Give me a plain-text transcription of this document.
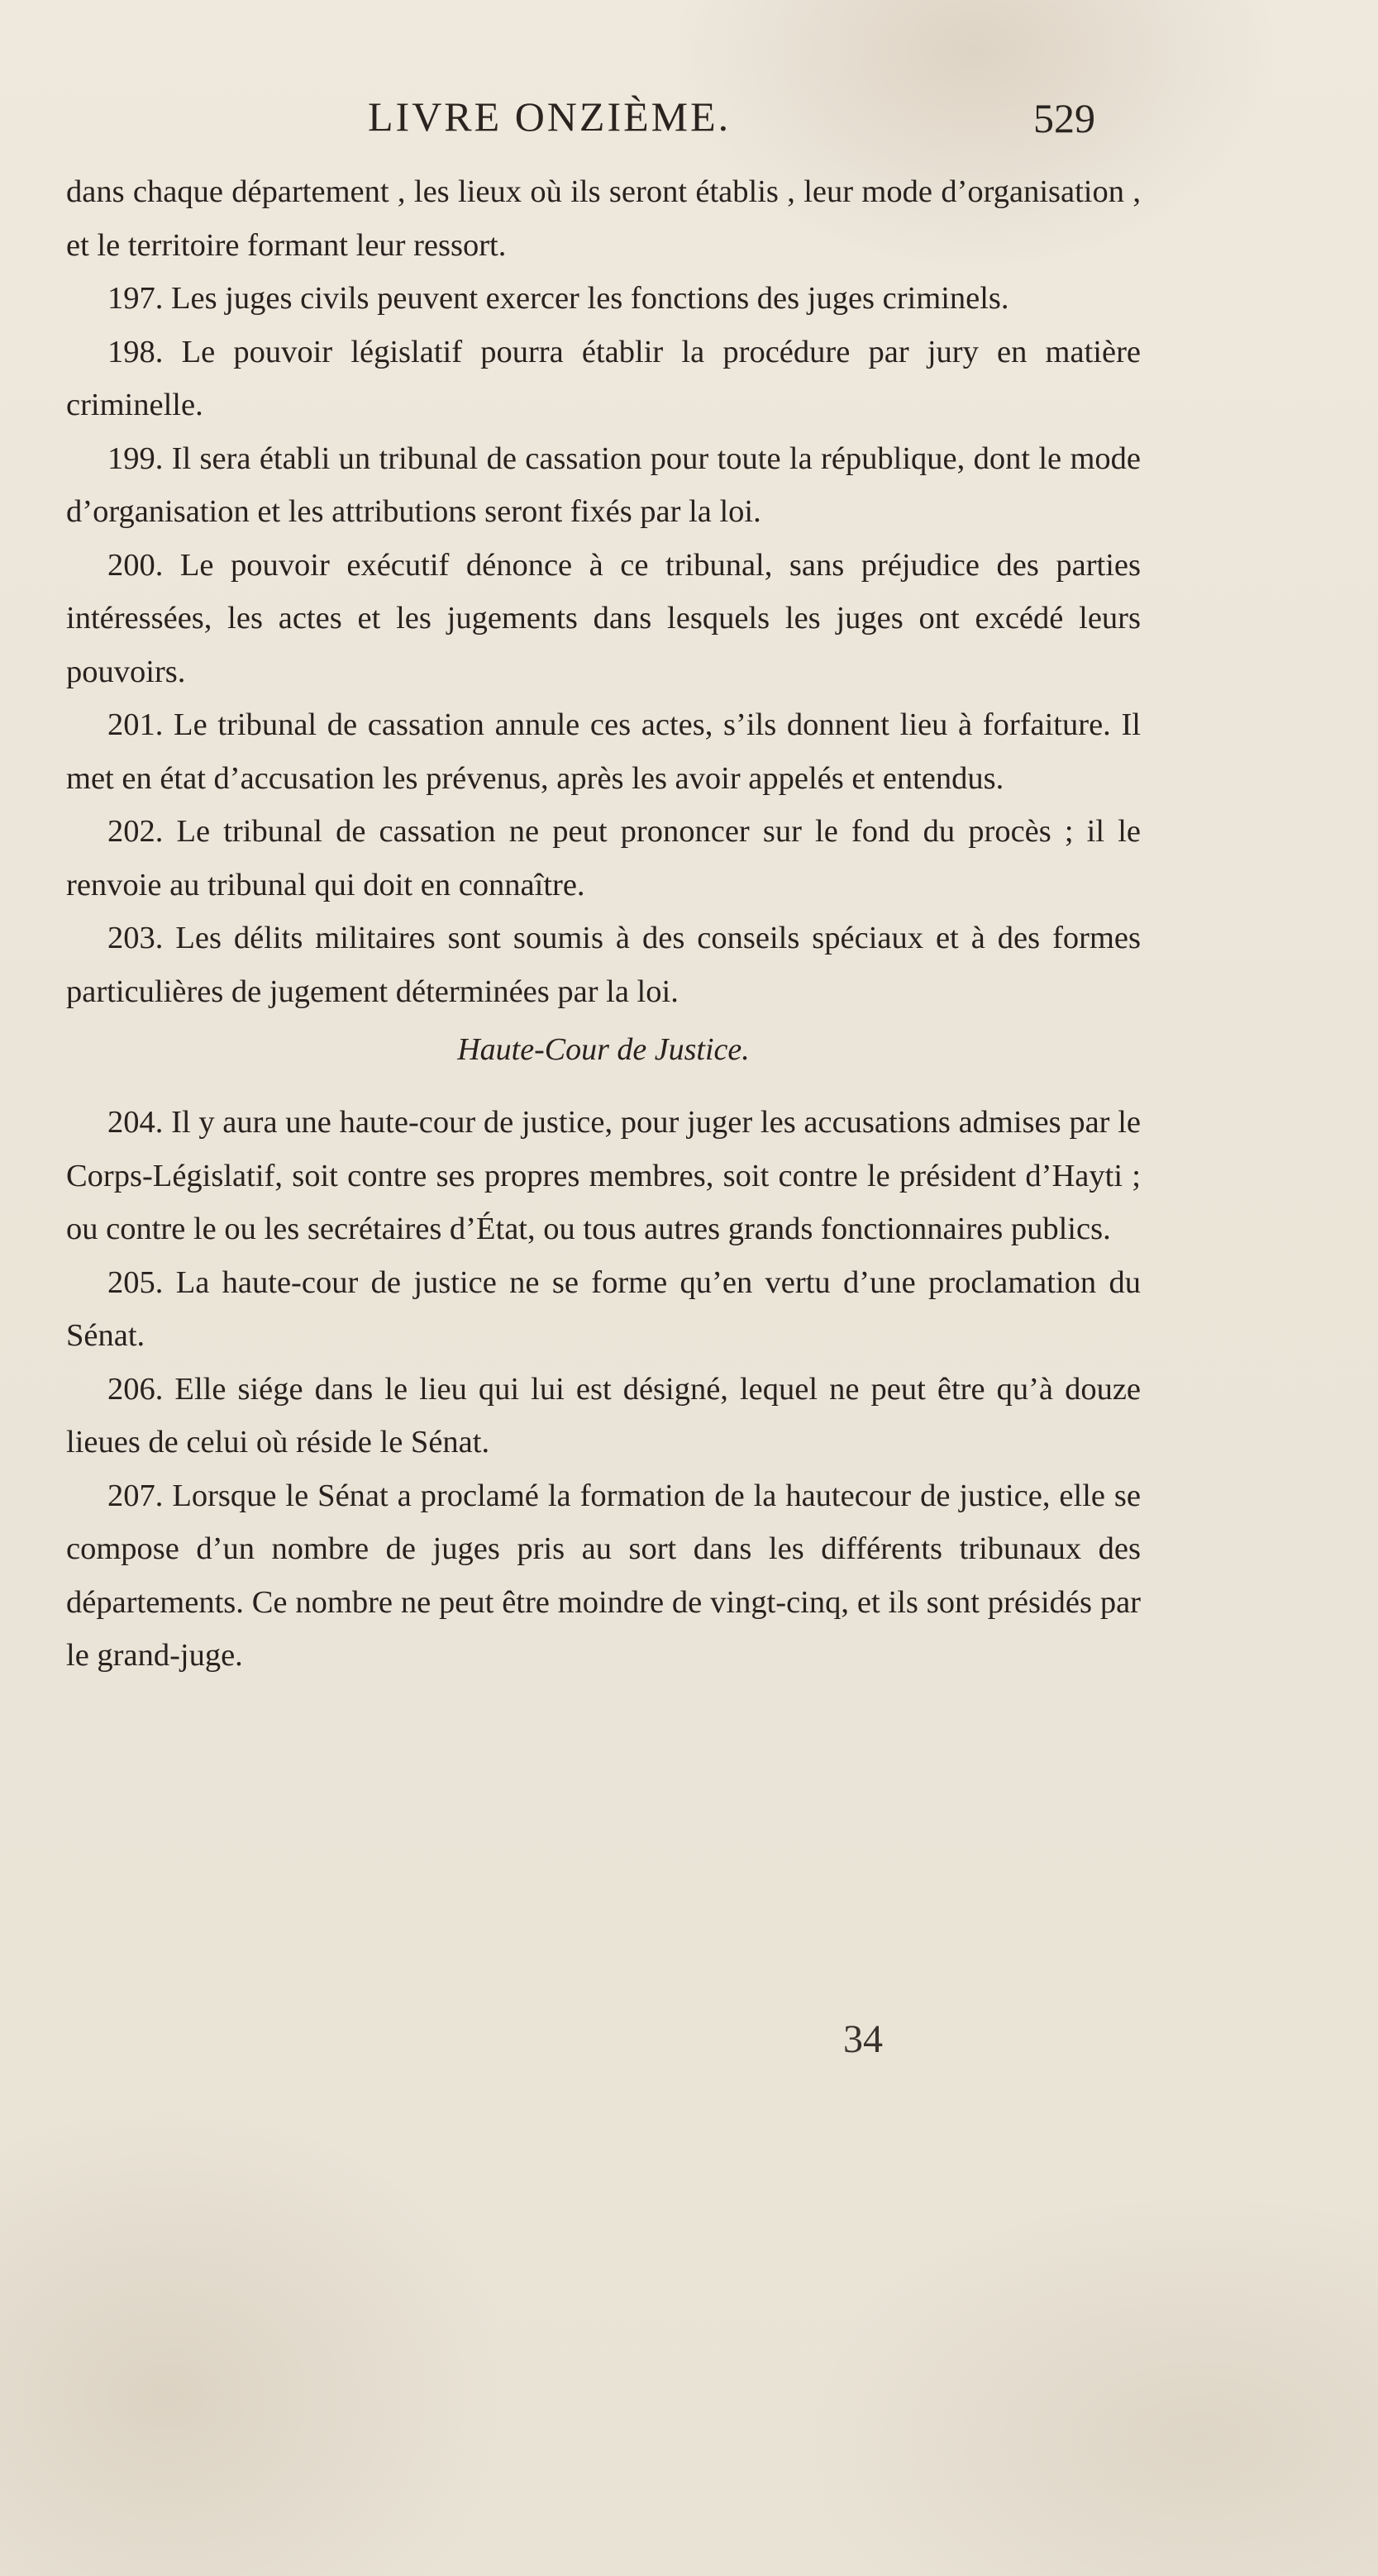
LIVRE ONZIÈME.	529

dans chaque département , les lieux où ils seront établis , leur mode d’organisation , et le territoire formant leur ressort.

197. Les juges civils peuvent exercer les fonctions des juges criminels.

198. Le pouvoir législatif pourra établir la procédure par jury en matière criminelle.

199. Il sera établi un tribunal de cassation pour toute la république, dont le mode d’organisation et les attributions seront fixés par la loi.

200. Le pouvoir exécutif dénonce à ce tribunal, sans préjudice des parties intéressées, les actes et les jugements dans lesquels les juges ont excédé leurs pouvoirs.

201. Le tribunal de cassation annule ces actes, s’ils donnent lieu à forfaiture. Il met en état d’accusation les prévenus, après les avoir appelés et entendus.

202. Le tribunal de cassation ne peut prononcer sur le fond du procès ; il le renvoie au tribunal qui doit en connaître.

203. Les délits militaires sont soumis à des conseils spéciaux et à des formes particulières de jugement déterminées par la loi.

Haute-Cour de Justice.

204. Il y aura une haute-cour de justice, pour juger les accusations admises par le Corps-Législatif, soit contre ses propres membres, soit contre le président d’Hayti ; ou contre le ou les secrétaires d’État, ou tous autres grands fonctionnaires publics.

205. La haute-cour de justice ne se forme qu’en vertu d’une proclamation du Sénat.

206. Elle siége dans le lieu qui lui est désigné, lequel ne peut être qu’à douze lieues de celui où réside le Sénat.

207. Lorsque le Sénat a proclamé la formation de la hautecour de justice, elle se compose d’un nombre de juges pris au sort dans les différents tribunaux des départements. Ce nombre ne peut être moindre de vingt-cinq, et ils sont présidés par le grand-juge.

34
